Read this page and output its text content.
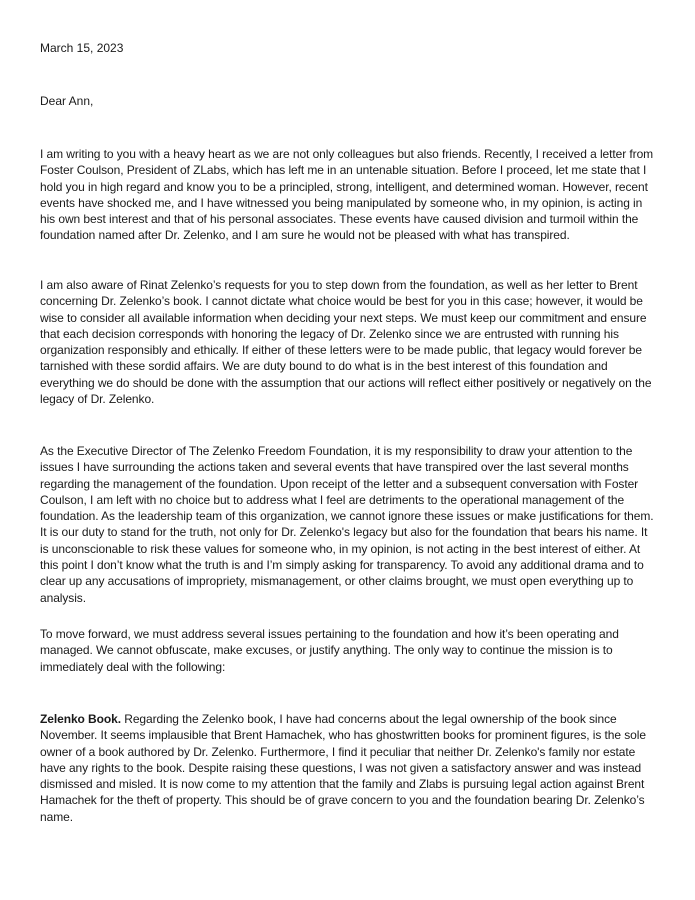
March 15, 2023

Dear Ann,

I am writing to you with a heavy heart as we are not only colleagues but also friends. Recently, I received a letter from Foster Coulson, President of ZLabs, which has left me in an untenable situation. Before I proceed, let me state that I hold you in high regard and know you to be a principled, strong, intelligent, and determined woman. However, recent events have shocked me, and I have witnessed you being manipulated by someone who, in my opinion, is acting in his own best interest and that of his personal associates. These events have caused division and turmoil within the foundation named after Dr. Zelenko, and I am sure he would not be pleased with what has transpired.

I am also aware of Rinat Zelenko’s requests for you to step down from the foundation, as well as her letter to Brent concerning Dr. Zelenko’s book. I cannot dictate what choice would be best for you in this case; however, it would be wise to consider all available information when deciding your next steps. We must keep our commitment and ensure that each decision corresponds with honoring the legacy of Dr. Zelenko since we are entrusted with running his organization responsibly and ethically. If either of these letters were to be made public, that legacy would forever be tarnished with these sordid affairs. We are duty bound to do what is in the best interest of this foundation and everything we do should be done with the assumption that our actions will reflect either positively or negatively on the legacy of Dr. Zelenko.

As the Executive Director of The Zelenko Freedom Foundation, it is my responsibility to draw your attention to the issues I have surrounding the actions taken and several events that have transpired over the last several months regarding the management of the foundation. Upon receipt of the letter and a subsequent conversation with Foster Coulson, I am left with no choice but to address what I feel are detriments to the operational management of the foundation. As the leadership team of this organization, we cannot ignore these issues or make justifications for them. It is our duty to stand for the truth, not only for Dr. Zelenko's legacy but also for the foundation that bears his name. It is unconscionable to risk these values for someone who, in my opinion, is not acting in the best interest of either. At this point I don’t know what the truth is and I’m simply asking for transparency. To avoid any additional drama and to clear up any accusations of impropriety, mismanagement, or other claims brought, we must open everything up to analysis.

To move forward, we must address several issues pertaining to the foundation and how it’s been operating and managed. We cannot obfuscate, make excuses, or justify anything. The only way to continue the mission is to immediately deal with the following:

Zelenko Book. Regarding the Zelenko book, I have had concerns about the legal ownership of the book since November. It seems implausible that Brent Hamachek, who has ghostwritten books for prominent figures, is the sole owner of a book authored by Dr. Zelenko. Furthermore, I find it peculiar that neither Dr. Zelenko's family nor estate have any rights to the book. Despite raising these questions, I was not given a satisfactory answer and was instead dismissed and misled. It is now come to my attention that the family and Zlabs is pursuing legal action against Brent Hamachek for the theft of property. This should be of grave concern to you and the foundation bearing Dr. Zelenko’s name.
